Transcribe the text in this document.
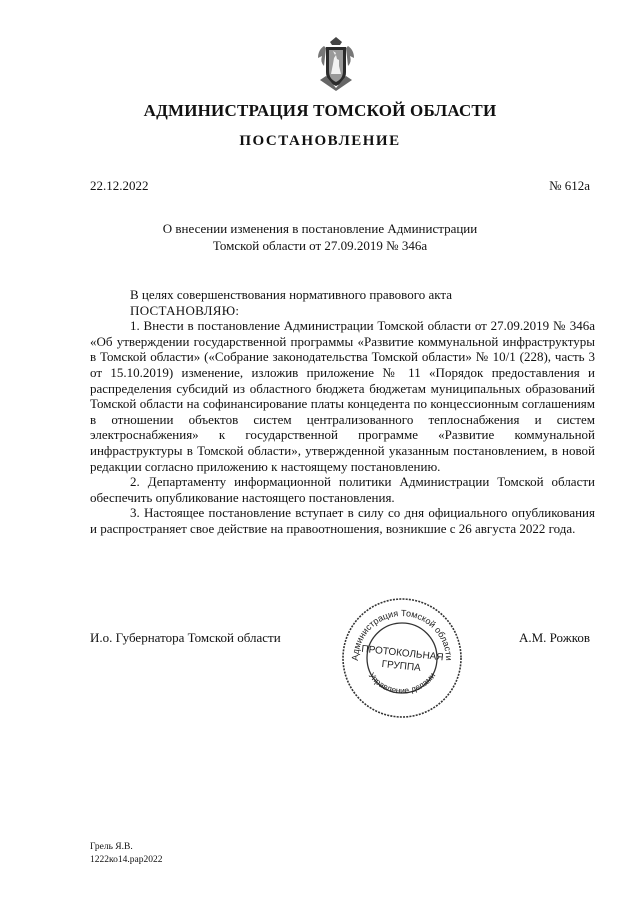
АДМИНИСТРАЦИЯ ТОМСКОЙ ОБЛАСТИ
ПОСТАНОВЛЕНИЕ
22.12.2022	№ 612а
О внесении изменения в постановление Администрации
Томской области от 27.09.2019 № 346а

В целях совершенствования нормативного правового акта

ПОСТАНОВЛЯЮ:

1. Внести в постановление Администрации Томской области от 27.09.2019 № 346а «Об утверждении государственной программы «Развитие коммунальной инфраструктуры в Томской области» («Собрание законодательства Томской области» № 10/1 (228), часть 3 от 15.10.2019) изменение, изложив приложение № 11 «Порядок предоставления и распределения субсидий из областного бюджета бюджетам муниципальных образований Томской области на софинансирование платы концедента по концессионным соглашениям в отношении объектов систем централизованного теплоснабжения и систем электроснабжения» к государственной программе «Развитие коммунальной инфраструктуры в Томской области», утвержденной указанным постановлением, в новой редакции согласно приложению к настоящему постановлению.

2. Департаменту информационной политики Администрации Томской области обеспечить опубликование настоящего постановления.

3. Настоящее постановление вступает в силу со дня официального опубликования и распространяет свое действие на правоотношения, возникшие с 26 августа 2022 года.

И.о. Губернатора Томской области	А.М. Рожков
Администрация Томской области
Управление делами
ПРОТОКОЛЬНАЯ
ГРУППА
Грель Я.В.
1222ко14.рар2022
